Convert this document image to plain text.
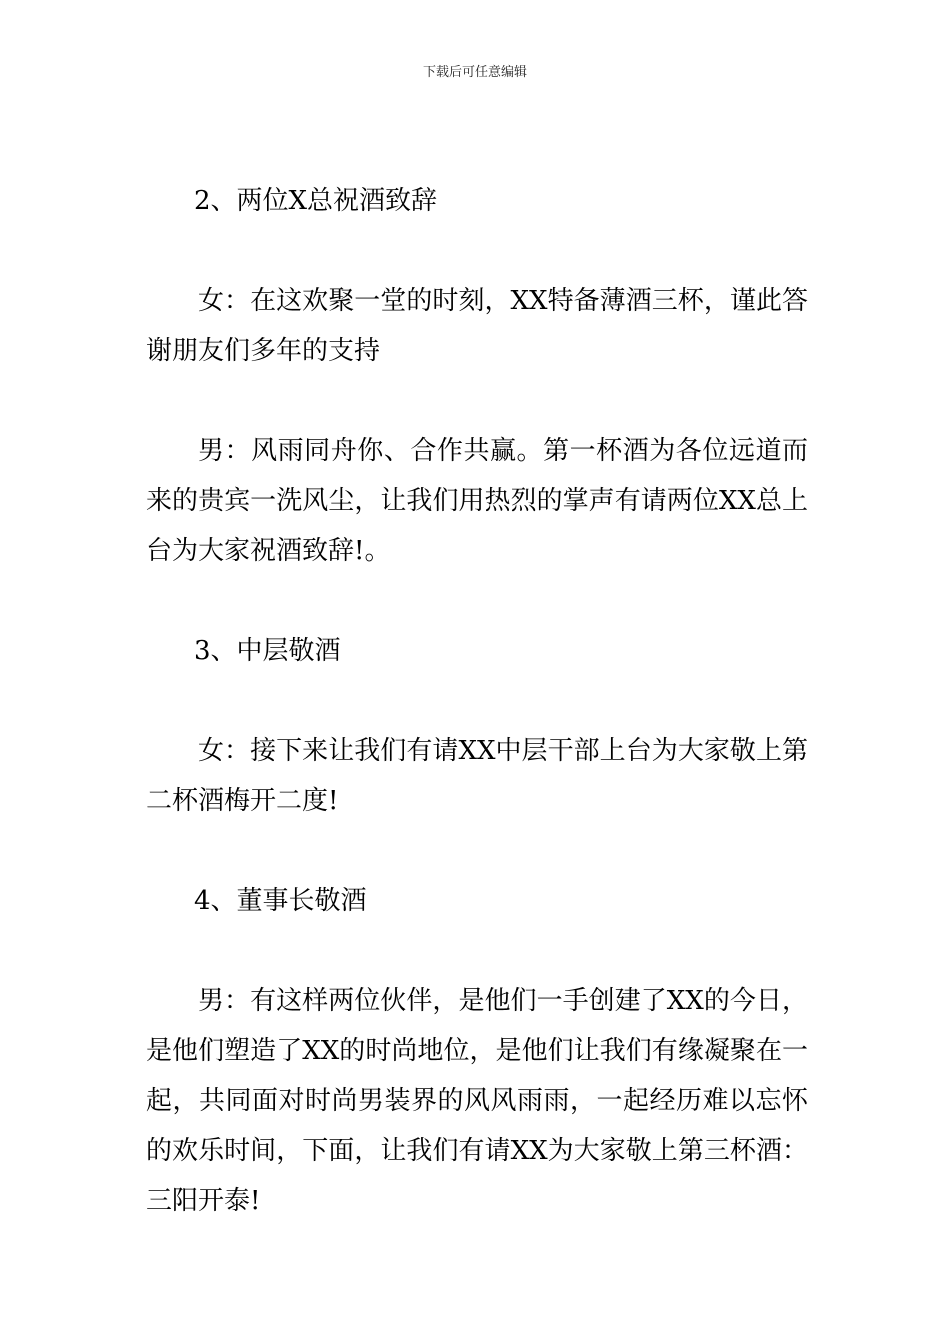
下载后可任意编辑

2、两位X总祝酒致辞

女：在这欢聚一堂的时刻，XX特备薄酒三杯，谨此答谢朋友们多年的支持

男：风雨同舟你、合作共赢。第一杯酒为各位远道而来的贵宾一洗风尘，让我们用热烈的掌声有请两位XX总上台为大家祝酒致辞!。

3、中层敬酒

女：接下来让我们有请XX中层干部上台为大家敬上第二杯酒梅开二度!

4、董事长敬酒

男：有这样两位伙伴，是他们一手创建了XX的今日，是他们塑造了XX的时尚地位，是他们让我们有缘凝聚在一起，共同面对时尚男装界的风风雨雨，一起经历难以忘怀的欢乐时间，下面，让我们有请XX为大家敬上第三杯酒：三阳开泰!
